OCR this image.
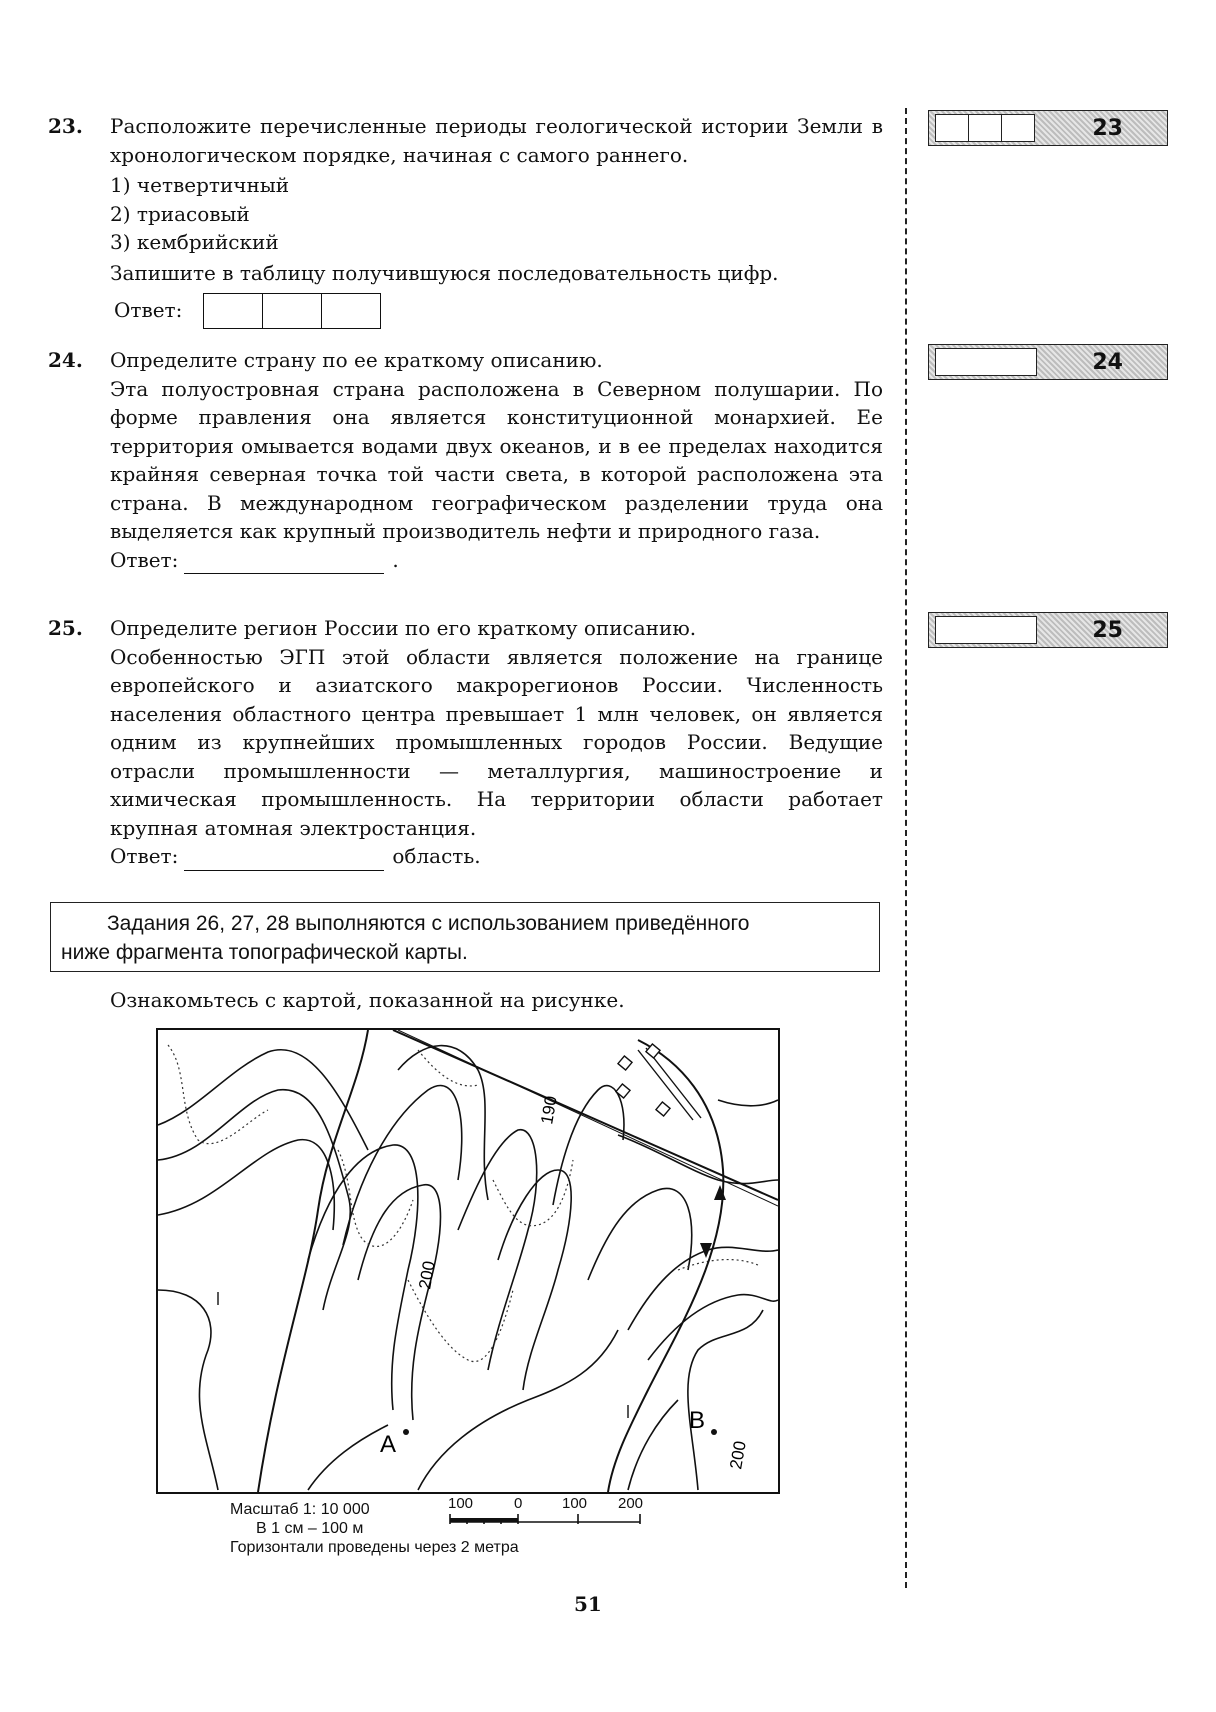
23. Расположите перечисленные периоды геологической истории Земли в хронологическом порядке, начиная с самого раннего.

1) четвертичный

2) триасовый

3) кембрийский

Запишите в таблицу получившуюся последовательность цифр.

Ответ:
24. Определите страну по ее краткому описанию.

Эта полуостровная страна расположена в Северном полушарии. По форме правления она является конституционной монархией. Ее территория омывается водами двух океанов, и в ее пределах находится крайняя северная точка той части света, в которой расположена эта страна. В международном географическом разделении труда она выделяется как крупный производитель нефти и природного газа.

Ответ:	.

25. Определите регион России по его краткому описанию.

Особенностью ЭГП этой области является положение на границе европейского и азиатского макрорегионов России. Численность населения областного центра превышает 1 млн человек, он является одним из крупнейших промышленных городов России. Ведущие отрасли промышленности — металлургия, машиностроение и химическая промышленность. На территории области работает крупная атомная электростанция.

Ответ:	область.

23
24
25
Задания 26, 27, 28 выполняются с использованием приведённого
ниже фрагмента топографической карты.
Ознакомьтесь с картой, показанной на рисунке.
190
200
200
A
B
Масштаб 1: 10 000
В 1 см – 100 м
Горизонтали проведены через 2 метра
100	0	100 200
51
